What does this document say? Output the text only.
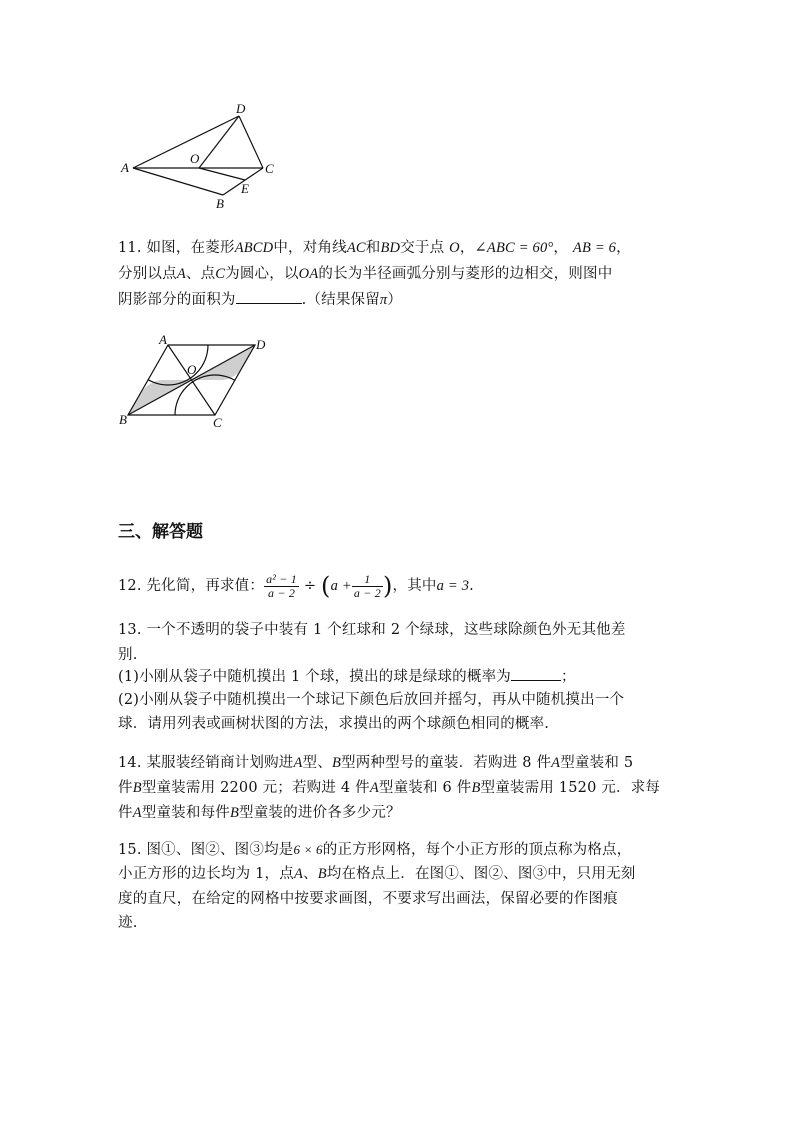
D
A
O
C
E
B
11. 如图，在菱形ABCD中，对角线AC和BD交于点 O，∠ABC = 60°， AB = 6，
分别以点A、点C为圆心，以OA的长为半径画弧分别与菱形的边相交，则图中
阴影部分的面积为	.（结果保留π）
A	D
O
B	C
三、解答题
12. 先化简，再求值： $\frac{\text{a² − 1}}{a - 2} \div (a + \frac{1}{a - 2}$ )，其中a = 3.
13. 一个不透明的袋子中装有 1 个红球和 2 个绿球，这些球除颜色外无其他差
别.
(1)小刚从袋子中随机摸出 1 个球，摸出的球是绿球的概率为	；
(2)小刚从袋子中随机摸出一个球记下颜色后放回并摇匀，再从中随机摸出一个
球．请用列表或画树状图的方法，求摸出的两个球颜色相同的概率.
14. 某服装经销商计划购进A型、B型两种型号的童装．若购进 8 件A型童装和 5
件B型童装需用 2200 元；若购进 4 件A型童装和 6 件B型童装需用 1520 元．求每
件A型童装和每件B型童装的进价各多少元？
15. 图①、图②、图③均是6 × 6的正方形网格，每个小正方形的顶点称为格点，
小正方形的边长均为 1，点A、B均在格点上．在图①、图②、图③中，只用无刻
度的直尺，在给定的网格中按要求画图，不要求写出画法，保留必要的作图痕
迹.
